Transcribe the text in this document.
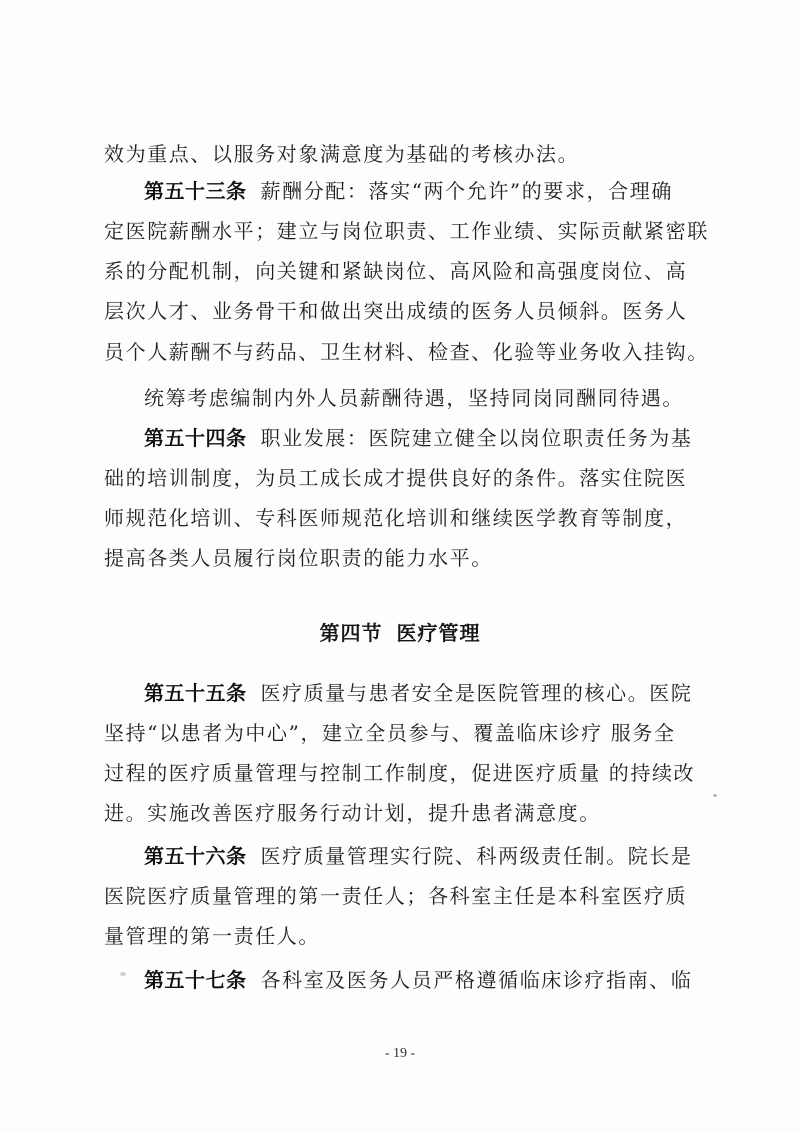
效为重点、以服务对象满意度为基础的考核办法。
第五十三条 薪酬分配：落实“两个允许”的要求，合理确
定医院薪酬水平；建立与岗位职责、工作业绩、实际贡献紧密联
系的分配机制，向关键和紧缺岗位、高风险和高强度岗位、高
层次人才、业务骨干和做出突出成绩的医务人员倾斜。医务人
员个人薪酬不与药品、卫生材料、检查、化验等业务收入挂钩。
统筹考虑编制内外人员薪酬待遇，坚持同岗同酬同待遇。
第五十四条 职业发展：医院建立健全以岗位职责任务为基
础的培训制度，为员工成长成才提供良好的条件。落实住院医
师规范化培训、专科医师规范化培训和继续医学教育等制度，
提高各类人员履行岗位职责的能力水平。
第四节 医疗管理
第五十五条 医疗质量与患者安全是医院管理的核心。医院
坚持“以患者为中心”，建立全员参与、覆盖临床诊疗 服务全
过程的医疗质量管理与控制工作制度，促进医疗质量 的持续改
进。实施改善医疗服务行动计划，提升患者满意度。
第五十六条 医疗质量管理实行院、科两级责任制。院长是
医院医疗质量管理的第一责任人；各科室主任是本科室医疗质
量管理的第一责任人。
第五十七条 各科室及医务人员严格遵循临床诊疗指南、临
- 19 -
